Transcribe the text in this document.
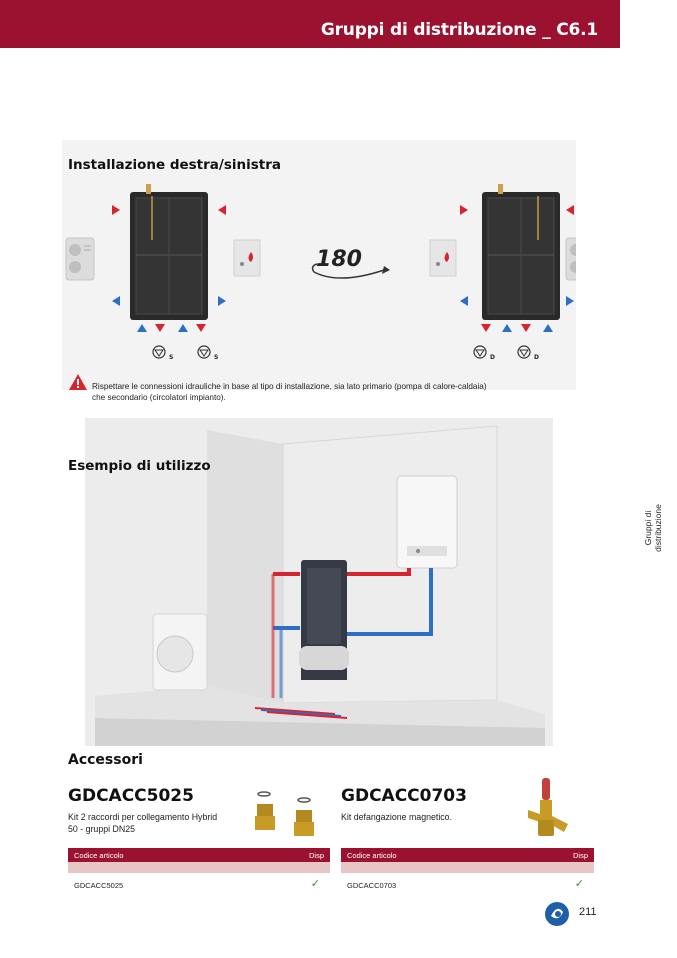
Gruppi di distribuzione _ C6.1
Gruppi di distribuzione
S	S
180
D	D
Installazione destra/sinistra
Rispettare le connessioni idrauliche in base al tipo di installazione, sia lato primario (pompa di calore-caldaia)
che secondario (circolatori impianto).
Esempio di utilizzo
Accessori
GDCACC5025
Kit 2 raccordi per collegamento Hybrid
50 - gruppi DN25
Codice articolo	Disp
GDCACC5025	✓
GDCACC0703
Kit defangazione magnetico.
Codice articolo	Disp
GDCACC0703	✓
211
